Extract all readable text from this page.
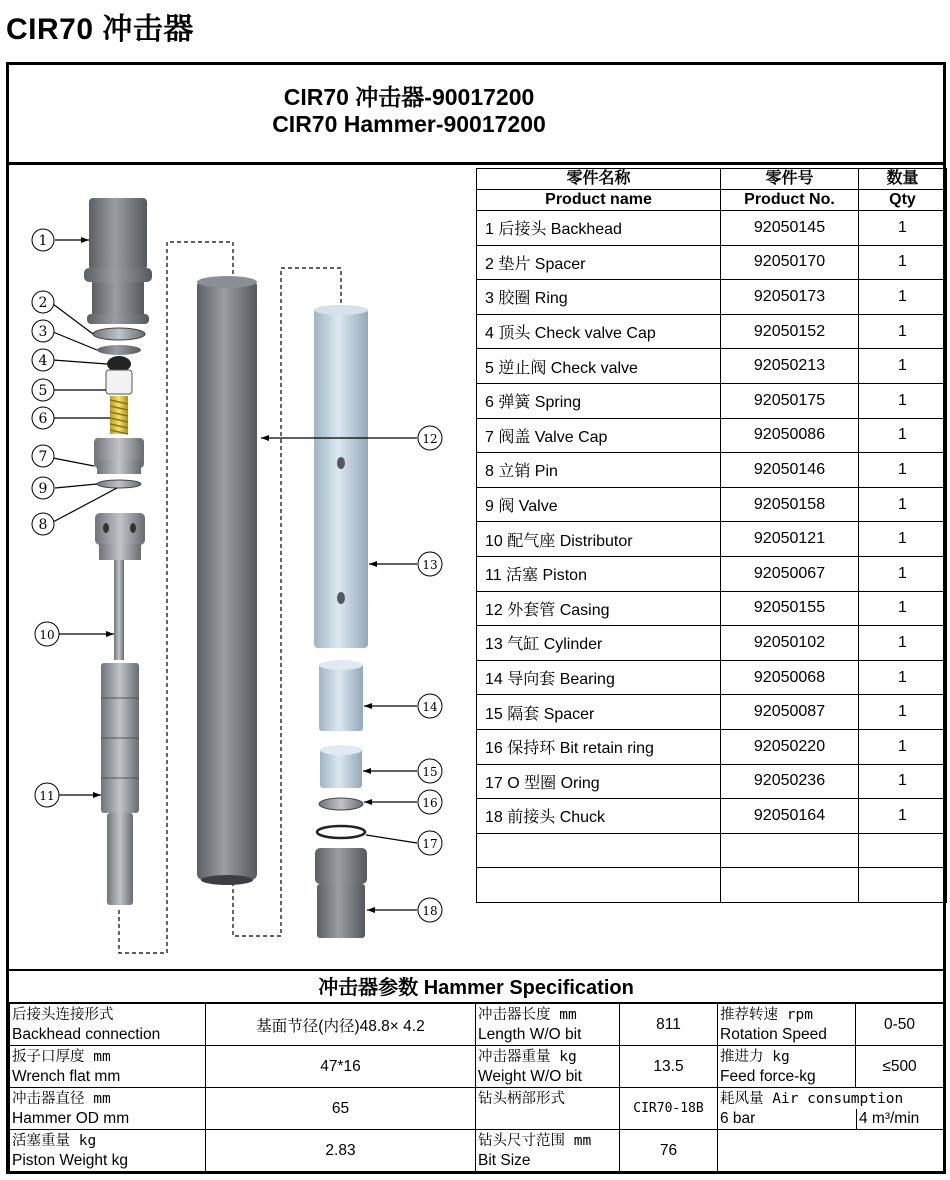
CIR70 冲击器
CIR70 冲击器-90017200
CIR70 Hammer-90017200
1
2
3
4
5
6
7
8
9
10
11
12
13
14
15
16
17
18
零件名称	零件号	数量
Product name	Product No.	Qty
1 后接头 Backhead	92050145	1
2 垫片 Spacer	92050170	1
3 胶圈 Ring	92050173	1
4 顶头 Check valve Cap	92050152	1
5 逆止阀 Check valve	92050213	1
6 弹簧 Spring	92050175	1
7 阀盖 Valve Cap	92050086	1
8 立销 Pin	92050146	1
9 阀 Valve	92050158	1
10 配气座 Distributor	92050121	1
11 活塞 Piston	92050067	1
12 外套管 Casing	92050155	1
13 气缸 Cylinder	92050102	1
14 导向套 Bearing	92050068	1
15 隔套 Spacer	92050087	1
16 保持环 Bit retain ring	92050220	1
17 O 型圈 Oring	92050236	1
18 前接头 Chuck	92050164	1

冲击器参数 Hammer Specification
后接头连接形式
Backhead connection	基面节径(内径)48.8× 4.2	冲击器长度 mm
Length W/O bit	811	推荐转速 rpm
Rotation Speed	0-50

扳子口厚度 mm
Wrench flat mm	47*16	冲击器重量 kg
Weight W/O bit	13.5	推进力 kg
Feed force-kg	≤500

冲击器直径 mm
Hammer OD mm	65	钻头柄部形式	CIR70-18B	耗风量 Air consumption
6 bar 4 m³/min	

活塞重量 kg
Piston Weight kg	2.83	钻头尺寸范围 mm
Bit Size	76		
